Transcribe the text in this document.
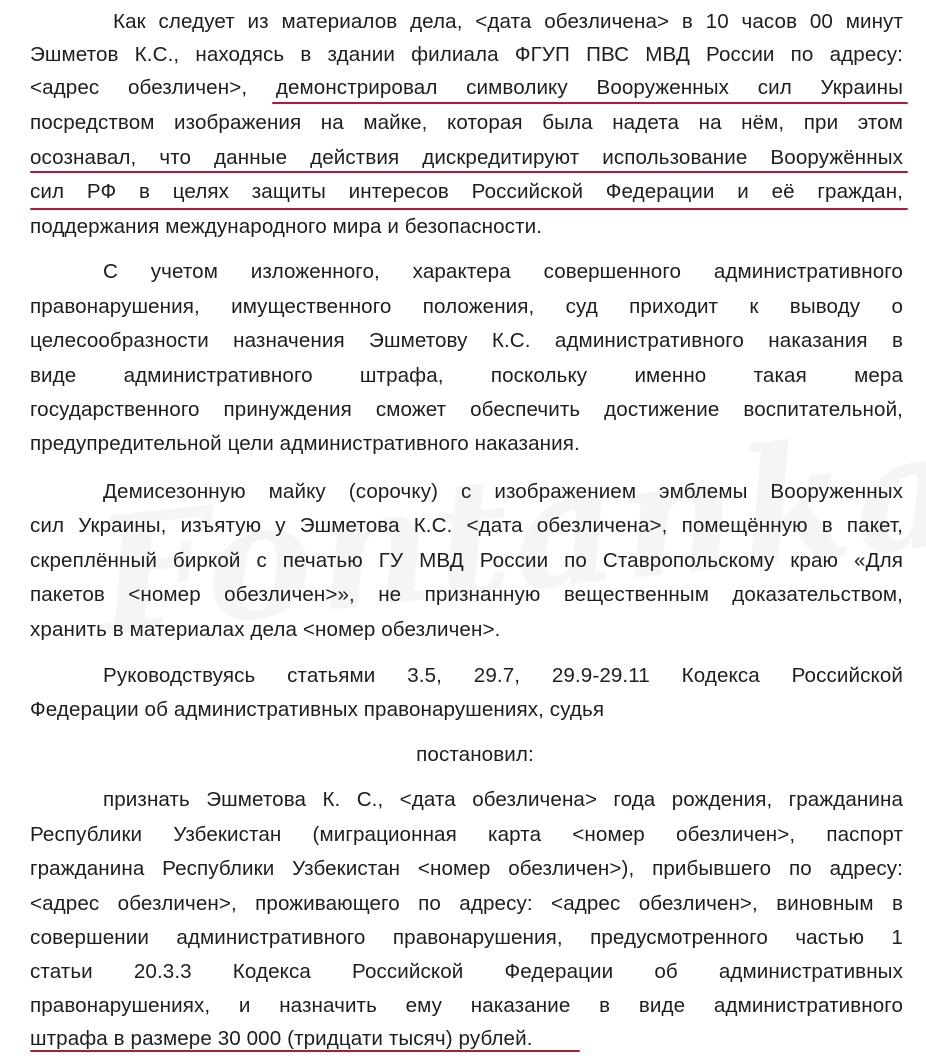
Как следует из материалов дела, <дата обезличена> в 10 часов 00 минут
Эшметов К.С., находясь в здании филиала ФГУП ПВС МВД России по адресу:
<адрес обезличен>, демонстрировал символику Вооруженных сил Украины
посредством изображения на майке, которая была надета на нём, при этом
осознавал, что данные действия дискредитируют использование Вооружённых
сил РФ в целях защиты интересов Российской Федерации и её граждан,
поддержания международного мира и безопасности.
С учетом изложенного, характера совершенного административного
правонарушения, имущественного положения, суд приходит к выводу о
целесообразности назначения Эшметову К.С. административного наказания в
виде административного штрафа, поскольку именно такая мера
государственного принуждения сможет обеспечить достижение воспитательной,
предупредительной цели административного наказания.
Демисезонную майку (сорочку) с изображением эмблемы Вооруженных
сил Украины, изъятую у Эшметова К.С. <дата обезличена>, помещённую в пакет,
скреплённый биркой с печатью ГУ МВД России по Ставропольскому краю «Для
пакетов <номер обезличен>», не признанную вещественным доказательством,
хранить в материалах дела <номер обезличен>.
Руководствуясь статьями 3.5, 29.7, 29.9-29.11 Кодекса Российской
Федерации об административных правонарушениях, судья
постановил:
признать Эшметова К. С., <дата обезличена> года рождения, гражданина
Республики Узбекистан (миграционная карта <номер обезличен>, паспорт
гражданина Республики Узбекистан <номер обезличен>), прибывшего по адресу:
<адрес обезличен>, проживающего по адресу: <адрес обезличен>, виновным в
совершении административного правонарушения, предусмотренного частью 1
статьи 20.3.3 Кодекса Российской Федерации об административных
правонарушениях, и назначить ему наказание в виде административного
штрафа в размере 30 000 (тридцати тысяч) рублей.
